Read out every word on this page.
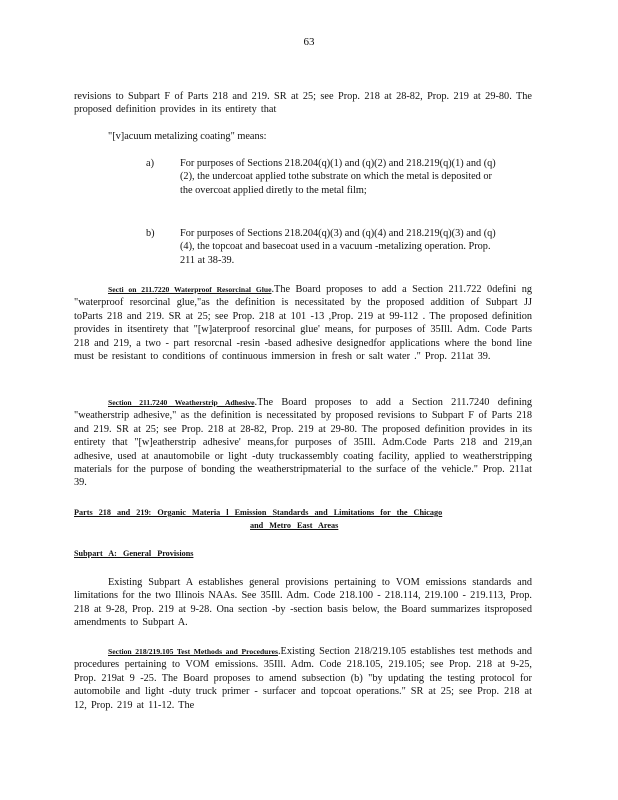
63
revisions to Subpart F of Parts 218 and 219. SR at 25; see Prop. 218 at 28-82, Prop. 219 at 29-80. The proposed definition provides in its entirety that
"[v]acuum metalizing coating" means:
a)	For purposes of Sections 218.204(q)(1) and (q)(2) and 218.219(q)(1) and (q)(2), the undercoat applied tothe substrate on which the metal is deposited or the overcoat applied diretly to the metal film;
b) For purposes of Sections 218.204(q)(3) and (q)(4) and 218.219(q)(3) and (q)(4), the topcoat and basecoat used in a vacuum -metalizing operation. Prop. 211 at 38-39.
Secti on 211.7220 Waterproof Resorcinal Glue.The Board proposes to add a Section 211.722 0defini ng "waterproof resorcinal glue,"as the definition is necessitated by the proposed addition of Subpart JJ toParts 218 and 219. SR at 25; see Prop. 218 at 101 -13 ,Prop. 219 at 99-112 . The proposed definition provides in itsentirety that "[w]aterproof resorcinal glue' means, for purposes of 35Ill. Adm. Code Parts 218 and 219, a two - part resorcnal -resin -based adhesive designedfor applications where the bond line must be resistant to conditions of continuous immersion in fresh or salt water ." Prop. 211at 39.
Section 211.7240 Weatherstrip Adhesive.The Board proposes to add a Section 211.7240 defining "weatherstrip adhesive," as the definition is necessitated by proposed revisions to Subpart F of Parts 218 and 219. SR at 25; see Prop. 218 at 28-82, Prop. 219 at 29-80. The proposed definition provides in its entirety that "[w]eatherstrip adhesive' means,for purposes of 35Ill. Adm.Code Parts 218 and 219,an adhesive, used at anautomobile or light -duty truckassembly coating facility, applied to weatherstripping materials for the purpose of bonding the weatherstripmaterial to the surface of the vehicle." Prop. 211at 39.
Parts 218 and 219: Organic Materia l Emission Standards and Limitations for the Chicago
and Metro East Areas
Subpart A: General Provisions
Existing Subpart A establishes general provisions pertaining to VOM emissions standards and limitations for the two Illinois NAAs. See 35Ill. Adm. Code 218.100 - 218.114, 219.100 - 219.113, Prop. 218 at 9-28, Prop. 219 at 9-28. Ona section -by -section basis below, the Board summarizes itsproposed amendments to Subpart A.
Section 218/219.105 Test Methods and Procedures.Existing Section 218/219.105 establishes test methods and procedures pertaining to VOM emissions. 35Ill. Adm. Code 218.105, 219.105; see Prop. 218 at 9-25, Prop. 219at 9 -25. The Board proposes to amend subsection (b) "by updating the testing protocol for automobile and light -duty truck primer - surfacer and topcoat operations." SR at 25; see Prop. 218 at 12, Prop. 219 at 11-12. The
